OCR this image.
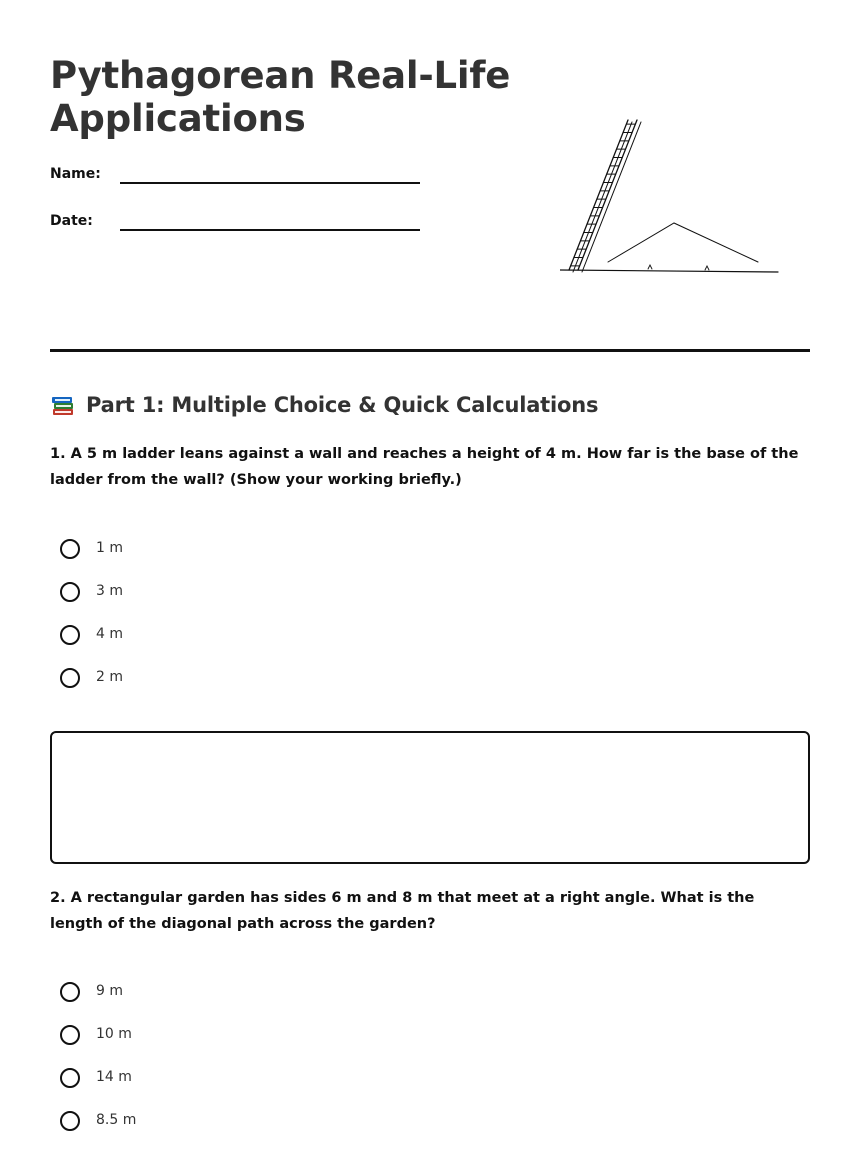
Pythagorean Real-Life Applications
Name:
Date:
Part 1: Multiple Choice & Quick Calculations

1. A 5 m ladder leans against a wall and reaches a height of 4 m. How far is the base of the ladder from the wall? (Show your working briefly.)

1 m
3 m
4 m
2 m

2. A rectangular garden has sides 6 m and 8 m that meet at a right angle. What is the length of the diagonal path across the garden?

9 m
10 m
14 m
8.5 m
